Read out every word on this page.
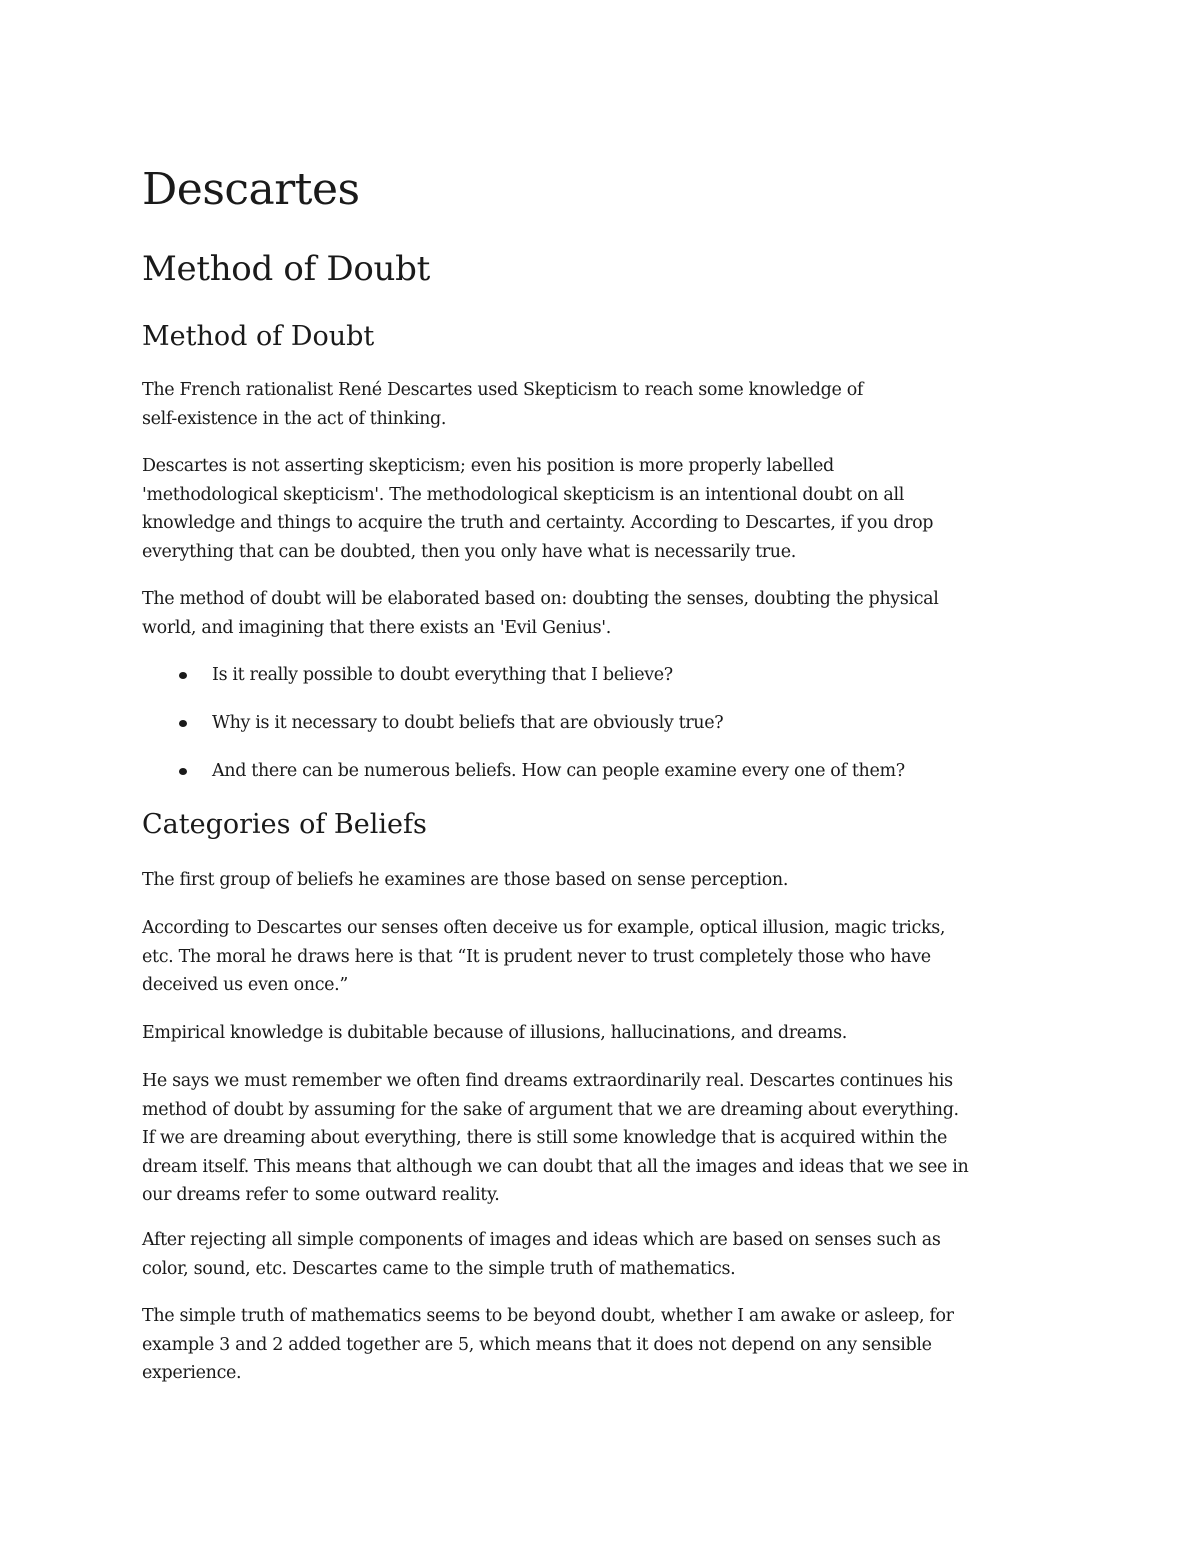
Descartes
Method of Doubt
Method of Doubt

The French rationalist René Descartes used Skepticism to reach some knowledge of
self-existence in the act of thinking.

Descartes is not asserting skepticism; even his position is more properly labelled
'methodological skepticism'. The methodological skepticism is an intentional doubt on all
knowledge and things to acquire the truth and certainty. According to Descartes, if you drop
everything that can be doubted, then you only have what is necessarily true.

The method of doubt will be elaborated based on: doubting the senses, doubting the physical
world, and imagining that there exists an 'Evil Genius'.

Is it really possible to doubt everything that I believe?
Why is it necessary to doubt beliefs that are obviously true?
And there can be numerous beliefs. How can people examine every one of them?
Categories of Beliefs

The first group of beliefs he examines are those based on sense perception.

According to Descartes our senses often deceive us for example, optical illusion, magic tricks,
etc. The moral he draws here is that “It is prudent never to trust completely those who have
deceived us even once.”

Empirical knowledge is dubitable because of illusions, hallucinations, and dreams.

He says we must remember we often find dreams extraordinarily real. Descartes continues his
method of doubt by assuming for the sake of argument that we are dreaming about everything.
If we are dreaming about everything, there is still some knowledge that is acquired within the
dream itself. This means that although we can doubt that all the images and ideas that we see in
our dreams refer to some outward reality.

After rejecting all simple components of images and ideas which are based on senses such as
color, sound, etc. Descartes came to the simple truth of mathematics.

The simple truth of mathematics seems to be beyond doubt, whether I am awake or asleep, for
example 3 and 2 added together are 5, which means that it does not depend on any sensible
experience.
